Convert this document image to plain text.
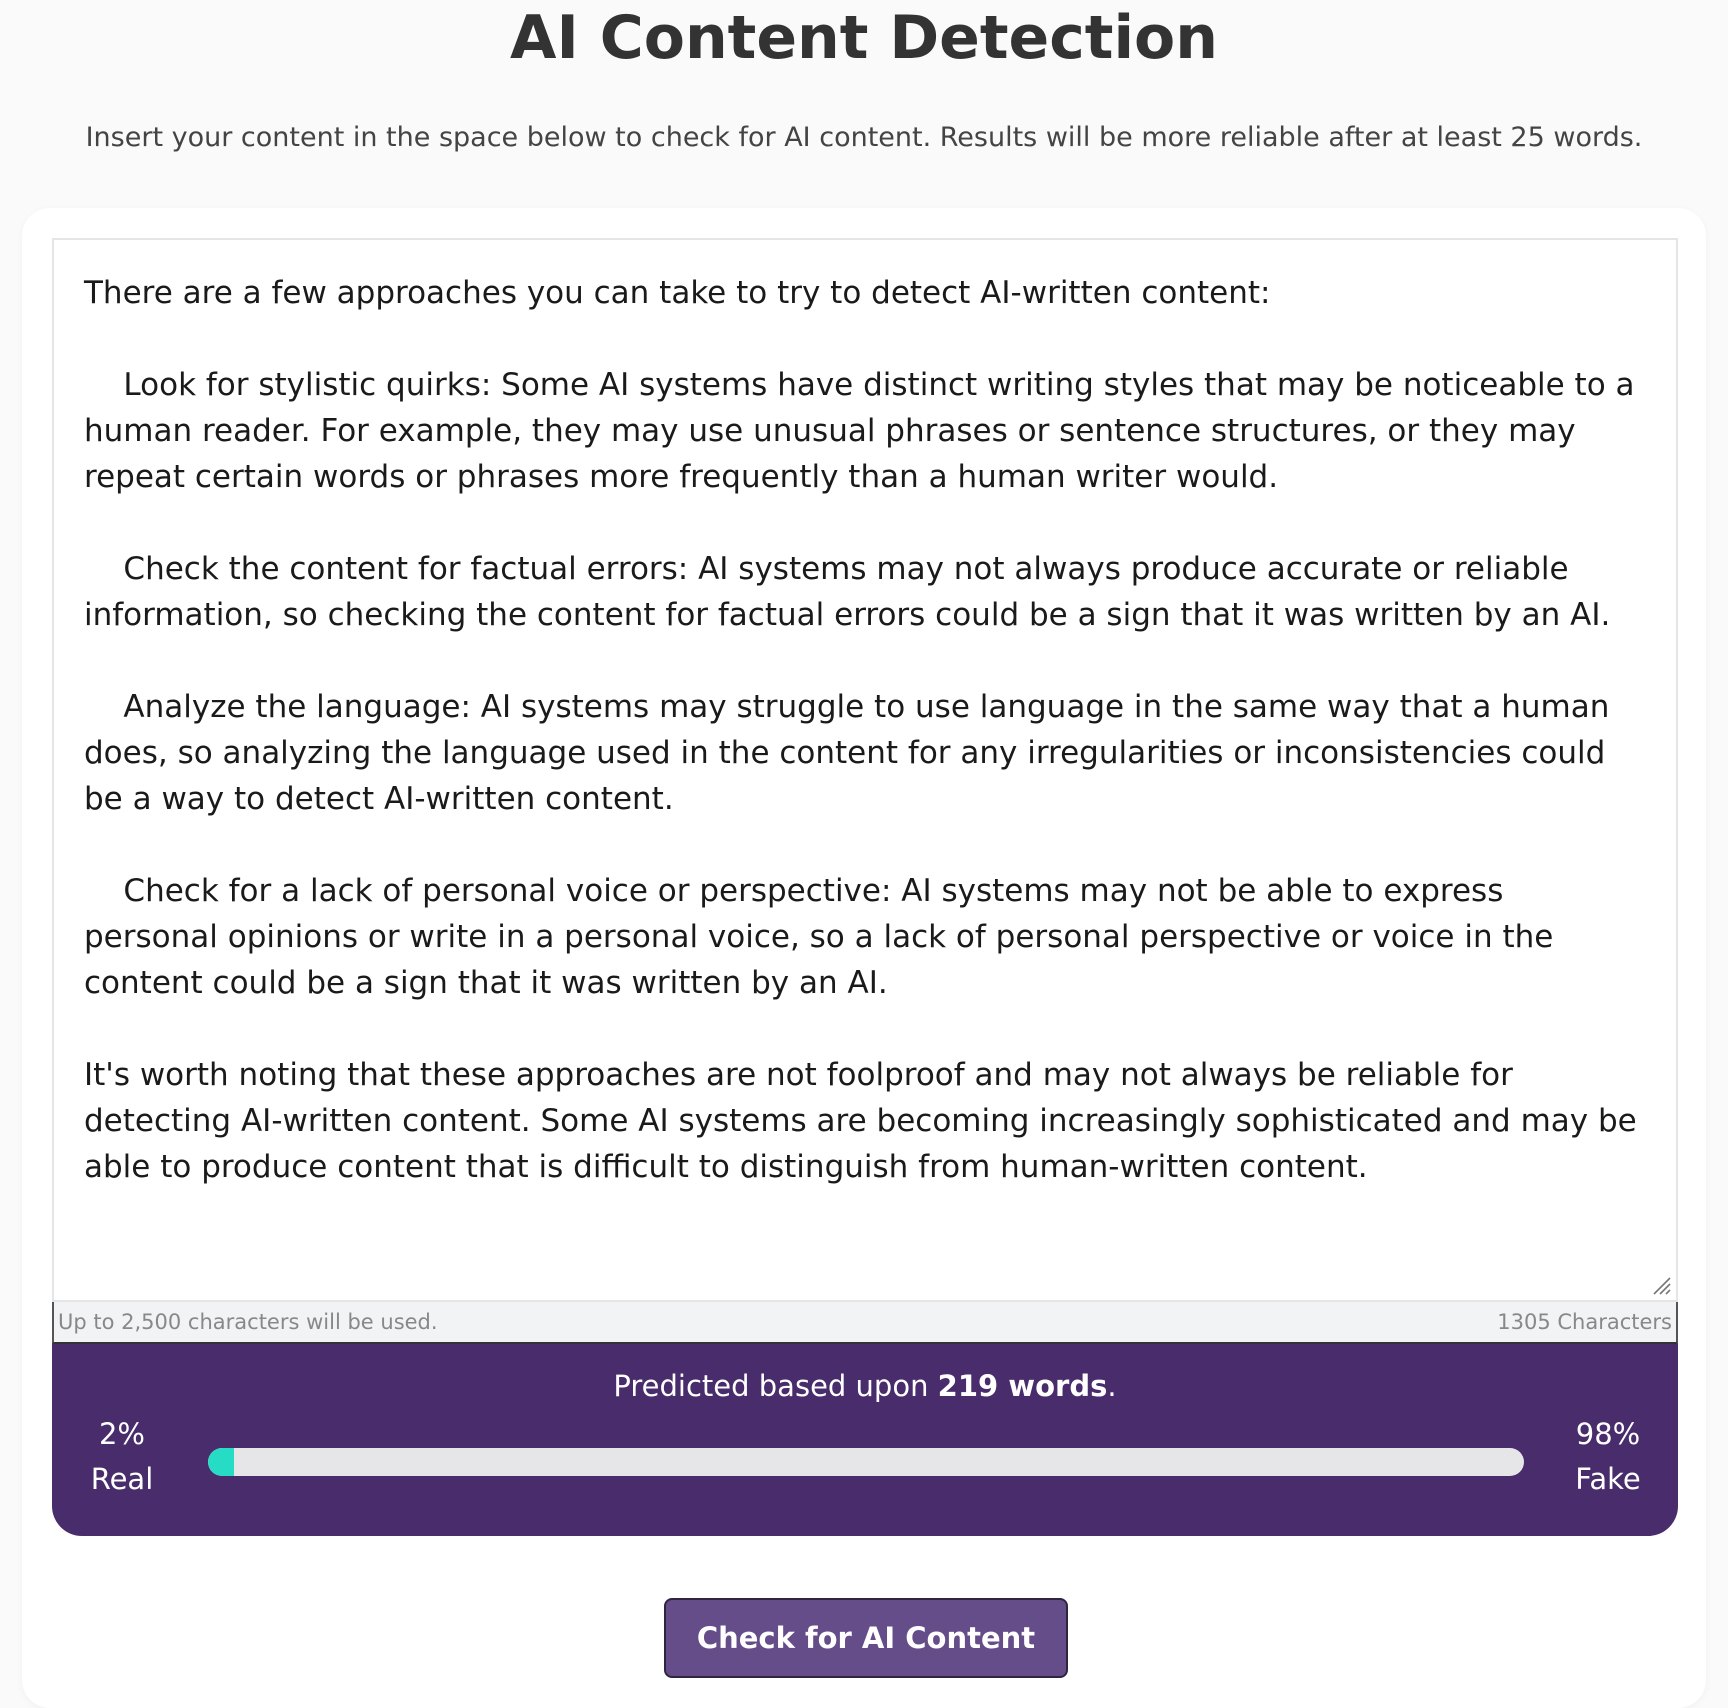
AI Content Detection
Insert your content in the space below to check for AI content. Results will be more reliable after at least 25 words.
There are a few approaches you can take to try to detect AI-written content:

Look for stylistic quirks: Some AI systems have distinct writing styles that may be noticeable to a human reader. For example, they may use unusual phrases or sentence structures, or they may repeat certain words or phrases more frequently than a human writer would.

Check the content for factual errors: AI systems may not always produce accurate or reliable information, so checking the content for factual errors could be a sign that it was written by an AI.

Analyze the language: AI systems may struggle to use language in the same way that a human does, so analyzing the language used in the content for any irregularities or inconsistencies could be a way to detect AI-written content.

Check for a lack of personal voice or perspective: AI systems may not be able to express personal opinions or write in a personal voice, so a lack of personal perspective or voice in the content could be a sign that it was written by an AI.

It's worth noting that these approaches are not foolproof and may not always be reliable for detecting AI-written content. Some AI systems are becoming increasingly sophisticated and may be able to produce content that is difficult to distinguish from human-written content.
Up to 2,500 characters will be used.	1305 Characters
Predicted based upon 219 words.
2%
Real
98%
Fake
Check for AI Content
